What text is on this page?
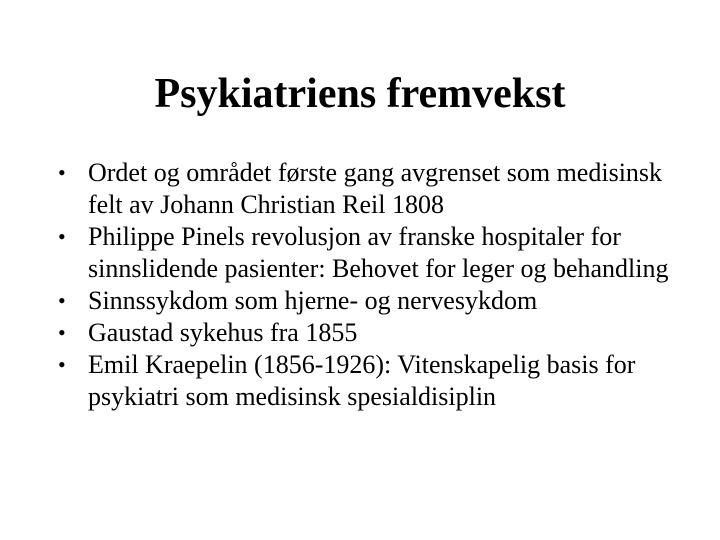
Psykiatriens fremvekst
• Ordet og området første gang avgrenset som medisinsk felt av Johann Christian Reil 1808
• Philippe Pinels revolusjon av franske hospitaler for sinnslidende pasienter: Behovet for leger og behandling
• Sinnssykdom som hjerne- og nervesykdom
• Gaustad sykehus fra 1855
• Emil Kraepelin (1856-1926): Vitenskapelig basis for psykiatri som medisinsk spesialdisiplin
